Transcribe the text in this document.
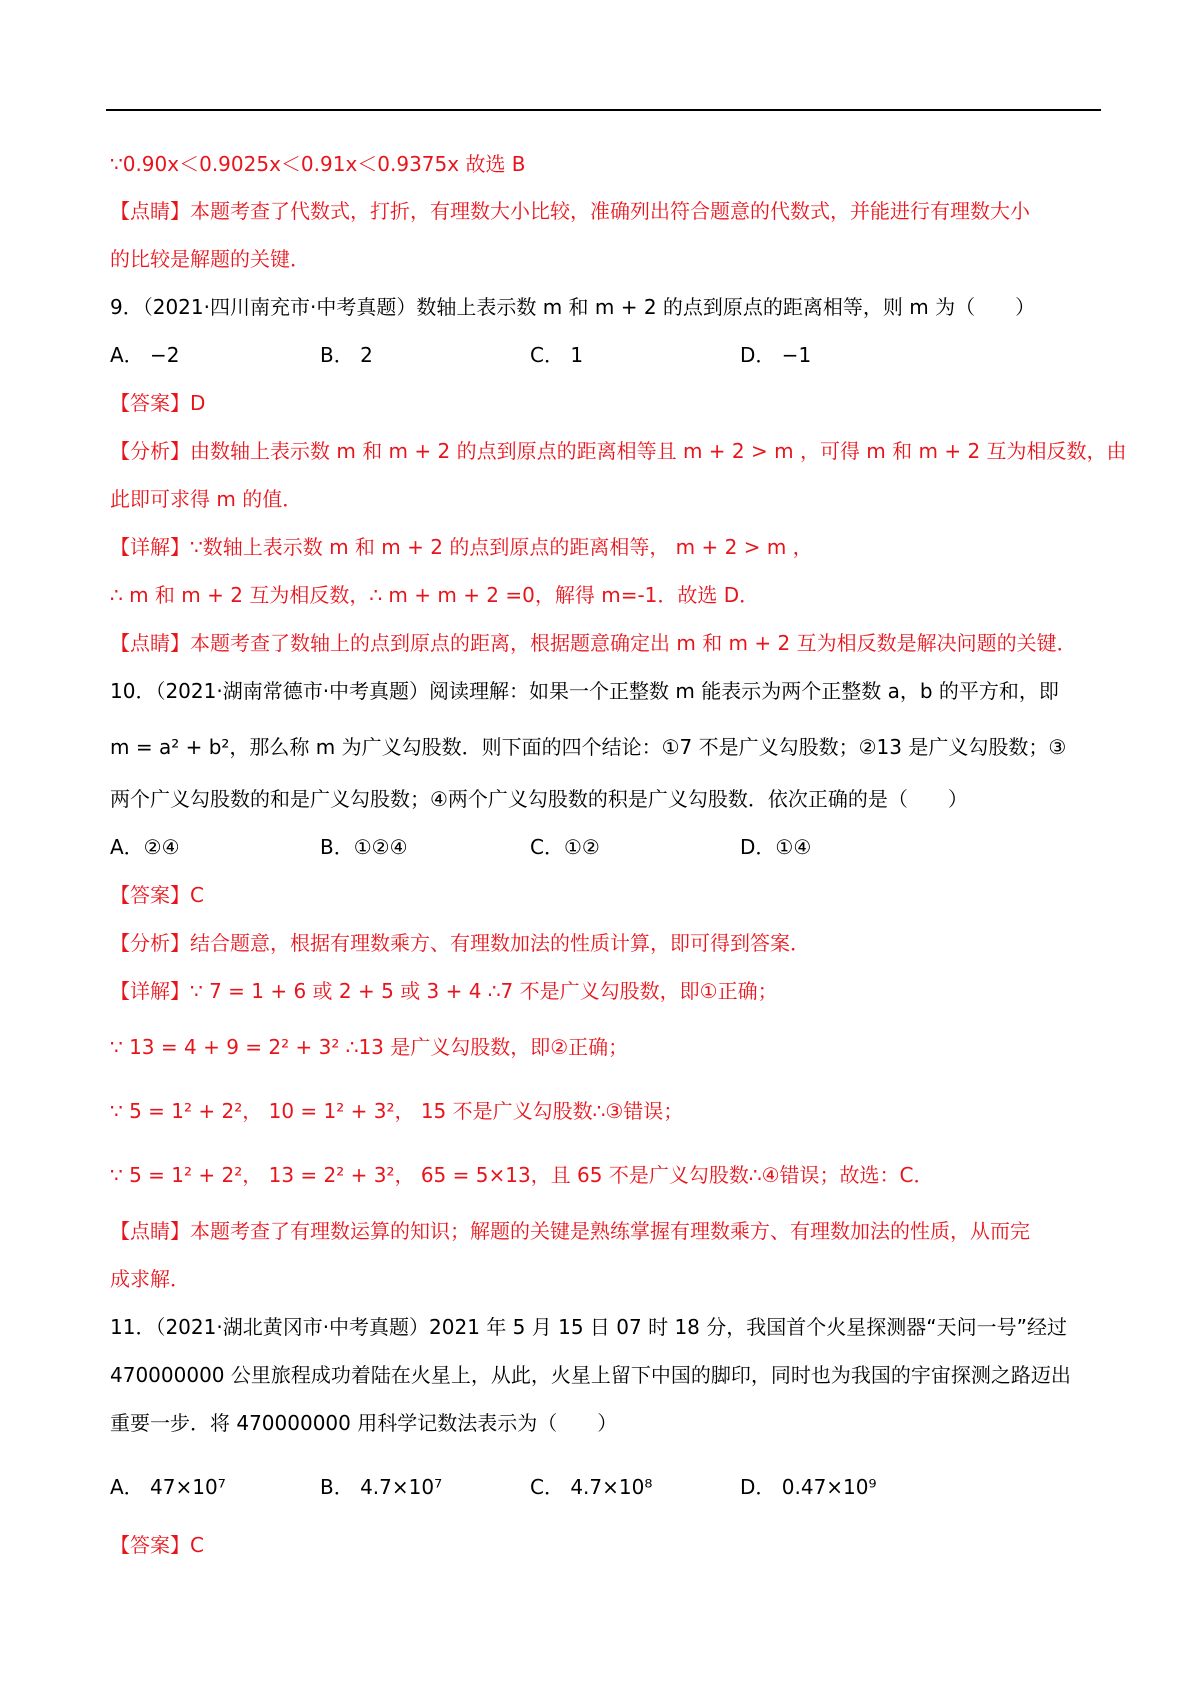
∵0.90x＜0.9025x＜0.91x＜0.9375x 故选 B
【点睛】本题考查了代数式，打折，有理数大小比较，准确列出符合题意的代数式，并能进行有理数大小
的比较是解题的关键．
9．（2021·四川南充市·中考真题）数轴上表示数 m 和 m + 2 的点到原点的距离相等，则 m 为（　　）
A． −2	B． 2	C． 1	D． −1
【答案】D
【分析】由数轴上表示数 m 和 m + 2 的点到原点的距离相等且 m + 2 > m ，可得 m 和 m + 2 互为相反数，由
此即可求得 m 的值．
【详解】∵数轴上表示数 m 和 m + 2 的点到原点的距离相等， m + 2 > m ，
∴ m 和 m + 2 互为相反数，∴ m + m + 2 =0，解得 m=-1．故选 D．
【点睛】本题考查了数轴上的点到原点的距离，根据题意确定出 m 和 m + 2 互为相反数是解决问题的关键．
10．（2021·湖南常德市·中考真题）阅读理解：如果一个正整数 m 能表示为两个正整数 a，b 的平方和，即
m = a² + b²，那么称 m 为广义勾股数．则下面的四个结论：①7 不是广义勾股数；②13 是广义勾股数；③
两个广义勾股数的和是广义勾股数；④两个广义勾股数的积是广义勾股数．依次正确的是（　　）
A．②④	B．①②④	C．①②	D．①④
【答案】C
【分析】结合题意，根据有理数乘方、有理数加法的性质计算，即可得到答案．
【详解】∵ 7 = 1 + 6 或 2 + 5 或 3 + 4 ∴7 不是广义勾股数，即①正确；
∵ 13 = 4 + 9 = 2² + 3² ∴13 是广义勾股数，即②正确；
∵ 5 = 1² + 2²， 10 = 1² + 3²， 15 不是广义勾股数∴③错误；
∵ 5 = 1² + 2²， 13 = 2² + 3²， 65 = 5×13，且 65 不是广义勾股数∴④错误；故选：C．
【点睛】本题考查了有理数运算的知识；解题的关键是熟练掌握有理数乘方、有理数加法的性质，从而完
成求解．
11．（2021·湖北黄冈市·中考真题）2021 年 5 月 15 日 07 时 18 分，我国首个火星探测器“天问一号”经过
470000000 公里旅程成功着陆在火星上，从此，火星上留下中国的脚印，同时也为我国的宇宙探测之路迈出
重要一步．将 470000000 用科学记数法表示为（　　）
A． 47×10⁷	B． 4.7×10⁷	C． 4.7×10⁸	D． 0.47×10⁹
【答案】C
